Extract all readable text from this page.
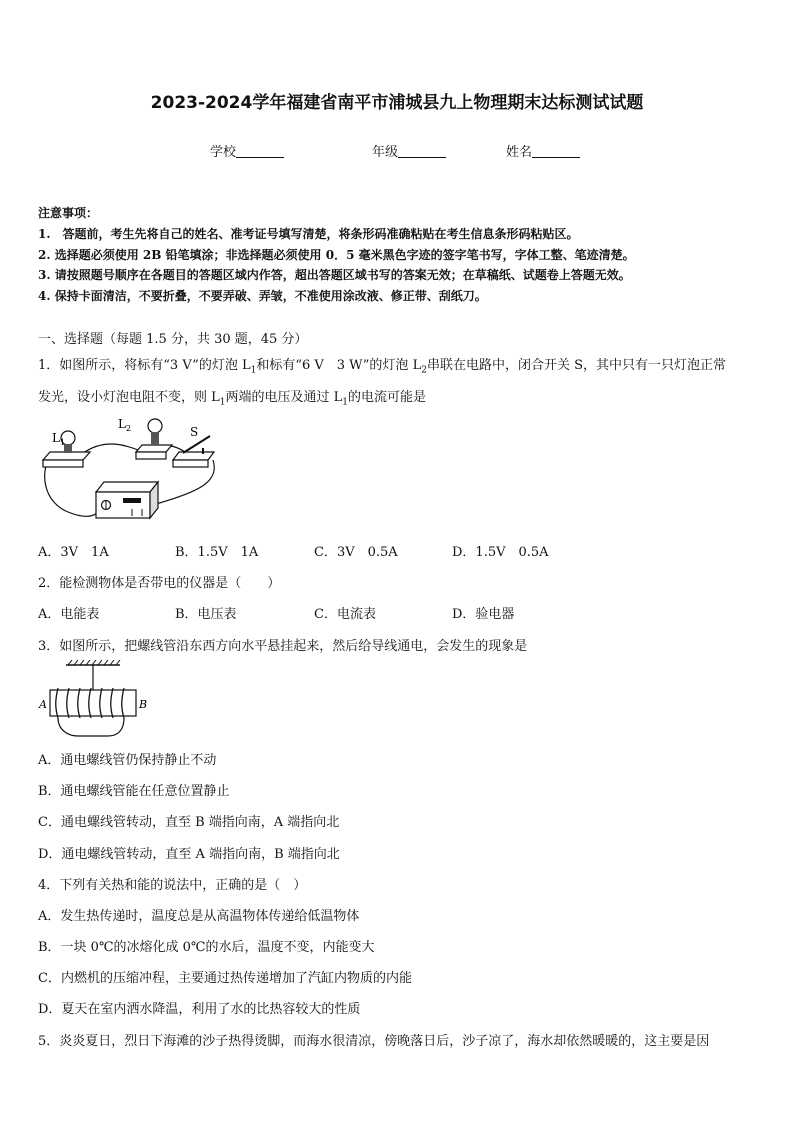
2023-2024学年福建省南平市浦城县九上物理期末达标测试试题
学校	年级	姓名
注意事项：
1.　答题前，考生先将自己的姓名、准考证号填写清楚，将条形码准确粘贴在考生信息条形码粘贴区。
2. 选择题必须使用 2B 铅笔填涂；非选择题必须使用 0．5 毫米黑色字迹的签字笔书写，字体工整、笔迹清楚。
3. 请按照题号顺序在各题目的答题区域内作答，超出答题区域书写的答案无效；在草稿纸、试题卷上答题无效。
4. 保持卡面清洁，不要折叠，不要弄破、弄皱，不准使用涂改液、修正带、刮纸刀。
一、选择题（每题 1.5 分，共 30 题，45 分）
1．如图所示，将标有“3 V”的灯泡 $L_1$和标有“6 V　3 W”的灯泡 $L_2$串联在电路中，闭合开关 S，其中只有一只灯泡正常
发光，设小灯泡电阻不变，则 $L_1$两端的电压及通过 $L_1$的电流可能是
$L_1$
$L_2$	S
A．3V　1A	B．1.5V　1A	C．3V　0.5A	D．1.5V　0.5A
2．能检测物体是否带电的仪器是（　　）
A．电能表	B．电压表	C．电流表	D．验电器
3．如图所示，把螺线管沿东西方向水平悬挂起来，然后给导线通电，会发生的现象是
A	B
A．通电螺线管仍保持静止不动
B．通电螺线管能在任意位置静止
C．通电螺线管转动，直至 B 端指向南，A 端指向北
D．通电螺线管转动，直至 A 端指向南，B 端指向北
4．下列有关热和能的说法中，正确的是（　）
A．发生热传递时，温度总是从高温物体传递给低温物体
B．一块 0℃的冰熔化成 0℃的水后，温度不变，内能变大
C．内燃机的压缩冲程，主要通过热传递增加了汽缸内物质的内能
D．夏天在室内洒水降温，利用了水的比热容较大的性质
5．炎炎夏日，烈日下海滩的沙子热得烫脚，而海水很清凉，傍晚落日后，沙子凉了，海水却依然暖暖的，这主要是因
